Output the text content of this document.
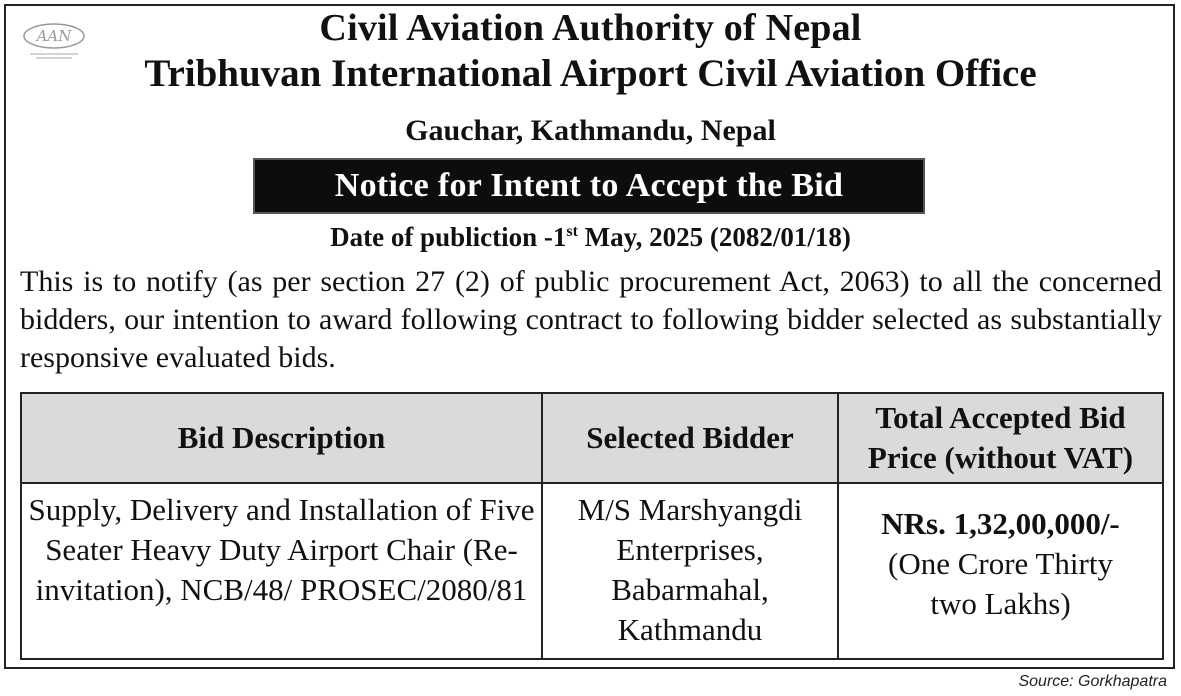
AAN	Civil Aviation Authority of Nepal
Tribhuvan International Airport Civil Aviation Office
Gauchar, Kathmandu, Nepal
Notice for Intent to Accept the Bid
Date of publiction -1st May, 2025 (2082/01/18)
This is to notify (as per section 27 (2) of public procurement Act, 2063) to all the concerned bidders, our intention to award following contract to following bidder selected as substantially responsive evaluated bids.
Bid Description	Selected Bidder	Total Accepted Bid Price (without VAT)
Supply, Delivery and Installation of Five Seater Heavy Duty Airport Chair (Re-invitation), NCB/48/ PROSEC/2080/81	M/S Marshyangdi Enterprises, Babarmahal, Kathmandu	NRs. 1,32,00,000/-
(One Crore Thirty two Lakhs)
Source: Gorkhapatra
